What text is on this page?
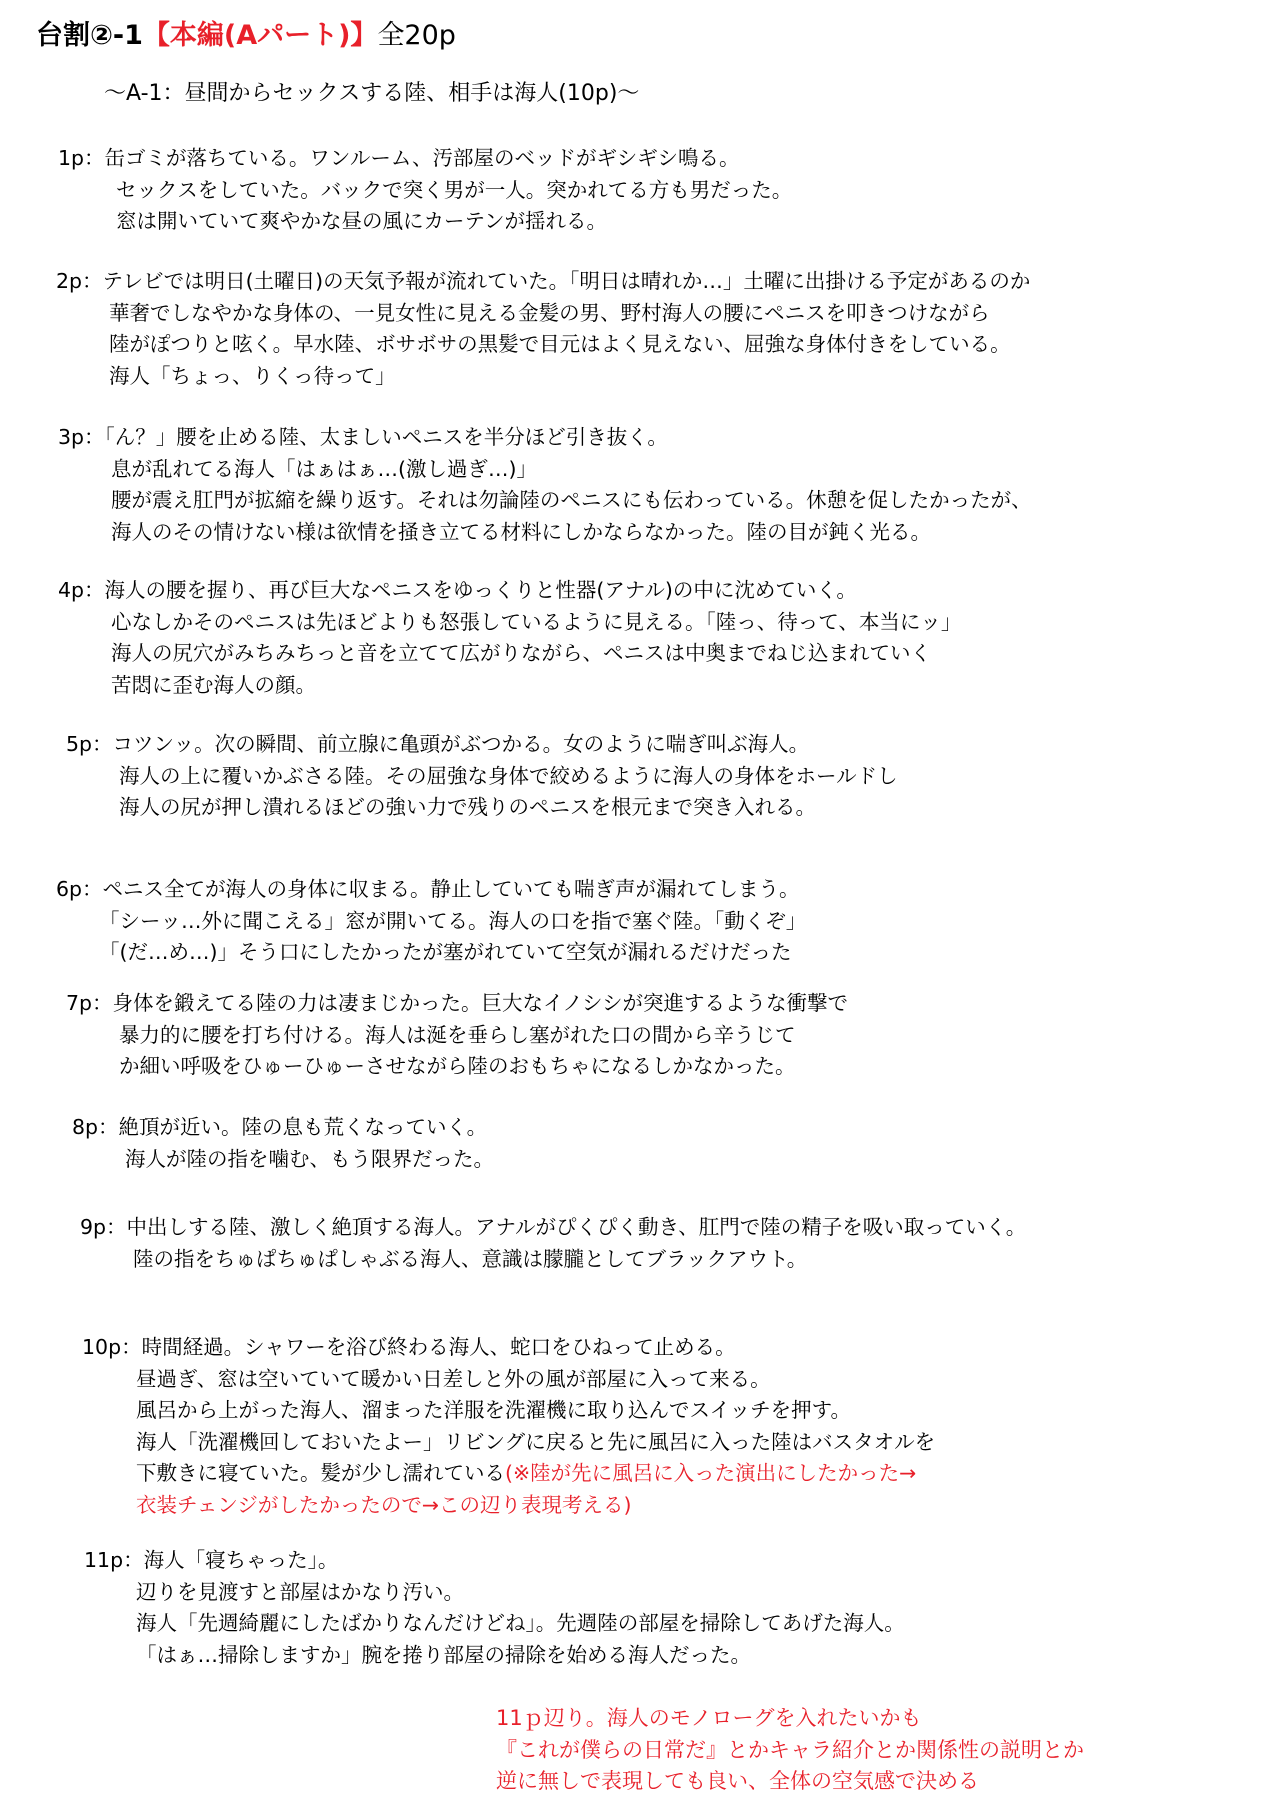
台割②-1【本編(Aパート)】全20p
〜A-1：昼間からセックスする陸、相手は海人(10p)〜
1p：缶ゴミが落ちている。ワンルーム、汚部屋のベッドがギシギシ鳴る。
セックスをしていた。バックで突く男が一人。突かれてる方も男だった。
窓は開いていて爽やかな昼の風にカーテンが揺れる。
2p：テレビでは明日(土曜日)の天気予報が流れていた。「明日は晴れか…」土曜に出掛ける予定があるのか
華奢でしなやかな身体の、一見女性に見える金髪の男、野村海人の腰にペニスを叩きつけながら
陸がぽつりと呟く。早水陸、ボサボサの黒髪で目元はよく見えない、屈強な身体付きをしている。
海人「ちょっ、りくっ待って」
3p：「ん？」腰を止める陸、太ましいペニスを半分ほど引き抜く。
息が乱れてる海人「はぁはぁ…(激し過ぎ…)」
腰が震え肛門が拡縮を繰り返す。それは勿論陸のペニスにも伝わっている。休憩を促したかったが、
海人のその情けない様は欲情を掻き立てる材料にしかならなかった。陸の目が鈍く光る。
4p：海人の腰を握り、再び巨大なペニスをゆっくりと性器(アナル)の中に沈めていく。
心なしかそのペニスは先ほどよりも怒張しているように見える。「陸っ、待って、本当にッ」
海人の尻穴がみちみちっと音を立てて広がりながら、ペニスは中奥までねじ込まれていく
苦悶に歪む海人の顔。
5p：コツンッ。次の瞬間、前立腺に亀頭がぶつかる。女のように喘ぎ叫ぶ海人。
海人の上に覆いかぶさる陸。その屈強な身体で絞めるように海人の身体をホールドし
海人の尻が押し潰れるほどの強い力で残りのペニスを根元まで突き入れる。
6p：ペニス全てが海人の身体に収まる。静止していても喘ぎ声が漏れてしまう。
「シーッ…外に聞こえる」窓が開いてる。海人の口を指で塞ぐ陸。「動くぞ」
「(だ…め…)」そう口にしたかったが塞がれていて空気が漏れるだけだった
7p：身体を鍛えてる陸の力は凄まじかった。巨大なイノシシが突進するような衝撃で
暴力的に腰を打ち付ける。海人は涎を垂らし塞がれた口の間から辛うじて
か細い呼吸をひゅーひゅーさせながら陸のおもちゃになるしかなかった。
8p：絶頂が近い。陸の息も荒くなっていく。
海人が陸の指を噛む、もう限界だった。
9p：中出しする陸、激しく絶頂する海人。アナルがぴくぴく動き、肛門で陸の精子を吸い取っていく。
陸の指をちゅぱちゅぱしゃぶる海人、意識は朦朧としてブラックアウト。
10p：時間経過。シャワーを浴び終わる海人、蛇口をひねって止める。
昼過ぎ、窓は空いていて暖かい日差しと外の風が部屋に入って来る。
風呂から上がった海人、溜まった洋服を洗濯機に取り込んでスイッチを押す。
海人「洗濯機回しておいたよー」リビングに戻ると先に風呂に入った陸はバスタオルを
下敷きに寝ていた。髪が少し濡れている(※陸が先に風呂に入った演出にしたかった→
衣装チェンジがしたかったので→この辺り表現考える)
11p：海人「寝ちゃった」。
辺りを見渡すと部屋はかなり汚い。
海人「先週綺麗にしたばかりなんだけどね」。先週陸の部屋を掃除してあげた海人。
「はぁ…掃除しますか」腕を捲り部屋の掃除を始める海人だった。
11ｐ辺り。海人のモノローグを入れたいかも
『これが僕らの日常だ』とかキャラ紹介とか関係性の説明とか
逆に無しで表現しても良い、全体の空気感で決める
